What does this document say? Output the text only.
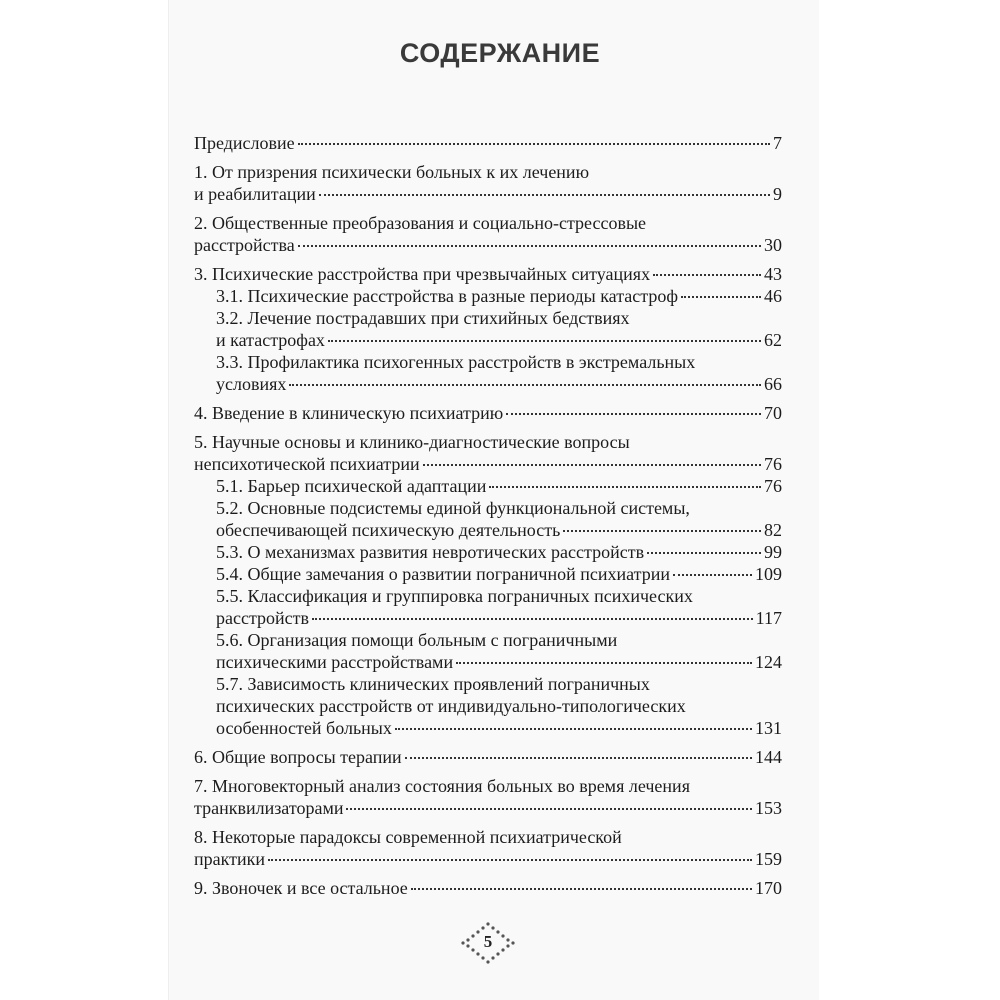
СОДЕРЖАНИЕ
Предисловие	7
1. От призрения психически больных к их лечению
и реабилитации	9
2. Общественные преобразования и социально-стрессовые
расстройства	30
3. Психические расстройства при чрезвычайных ситуациях	43
3.1. Психические расстройства в разные периоды катастроф	46
3.2. Лечение пострадавших при стихийных бедствиях
и катастрофах	62
3.3. Профилактика психогенных расстройств в экстремальных
условиях	66
4. Введение в клиническую психиатрию	70
5. Научные основы и клинико-диагностические вопросы
непсихотической психиатрии	76
5.1. Барьер психической адаптации	76
5.2. Основные подсистемы единой функциональной системы,
обеспечивающей психическую деятельность	82
5.3. О механизмах развития невротических расстройств	99
5.4. Общие замечания о развитии пограничной психиатрии	109
5.5. Классификация и группировка пограничных психических
расстройств	117
5.6. Организация помощи больным с пограничными
психическими расстройствами	124
5.7. Зависимость клинических проявлений пограничных
психических расстройств от индивидуально-типологических
особенностей больных	131
6. Общие вопросы терапии	144
7. Многовекторный анализ состояния больных во время лечения
транквилизаторами	153
8. Некоторые парадоксы современной психиатрической
практики	159
9. Звоночек и все остальное	170
5
